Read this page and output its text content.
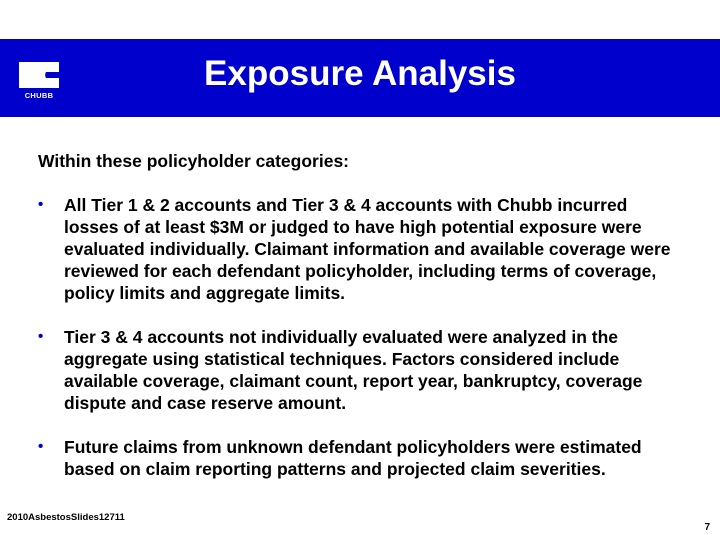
CHUBB
Exposure Analysis

Within these policyholder categories:

• All Tier 1 & 2 accounts and Tier 3 & 4 accounts with Chubb incurred losses of at least $3M or judged to have high potential exposure were evaluated individually. Claimant information and available coverage were reviewed for each defendant policyholder, including terms of coverage, policy limits and aggregate limits.
• Tier 3 & 4 accounts not individually evaluated were analyzed in the aggregate using statistical techniques. Factors considered include available coverage, claimant count, report year, bankruptcy, coverage dispute and case reserve amount.
• Future claims from unknown defendant policyholders were estimated based on claim reporting patterns and projected claim severities.
2010AsbestosSlides12711
7
